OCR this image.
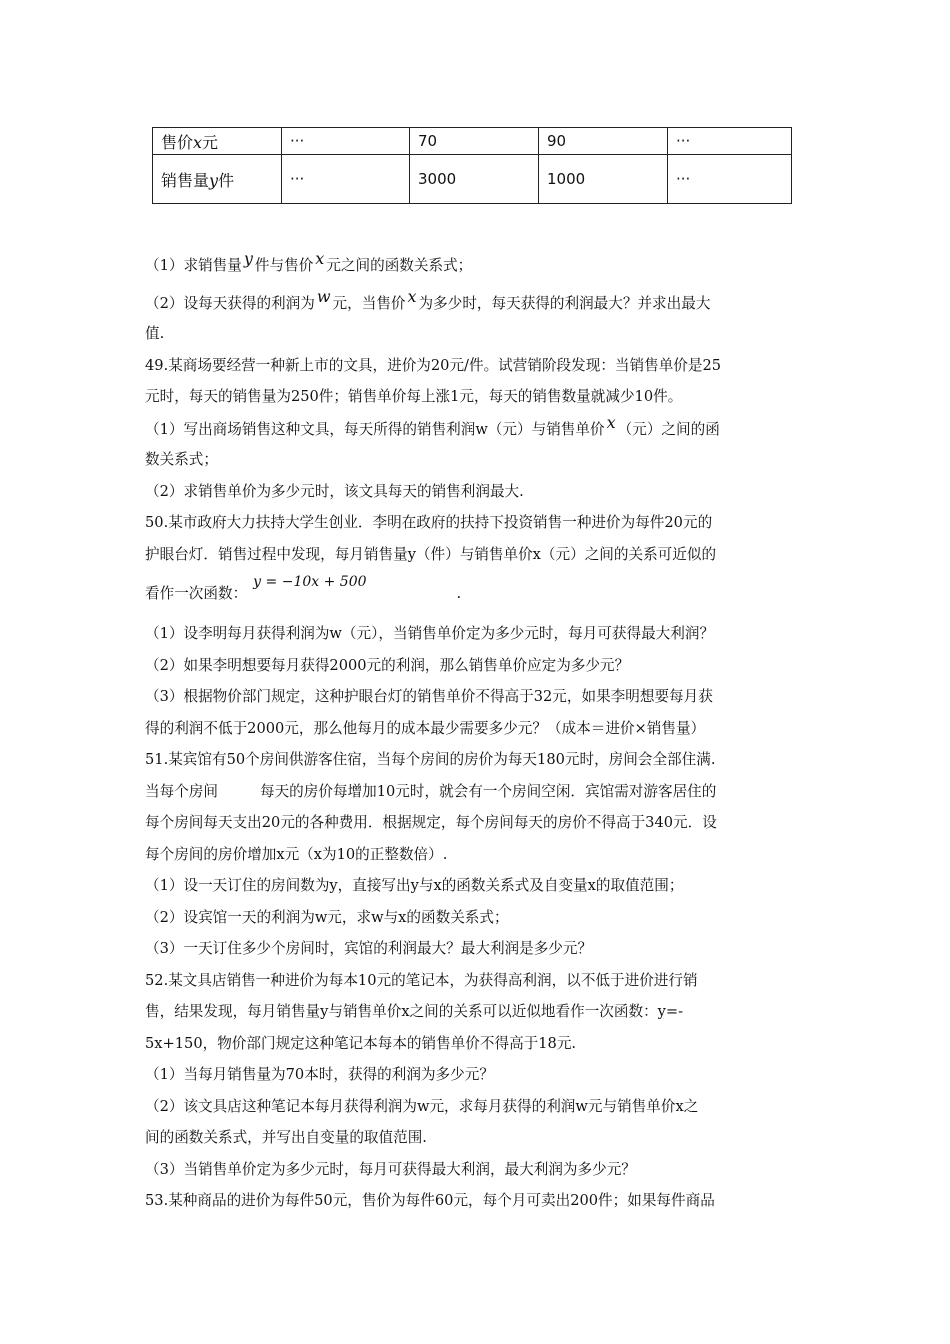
售价x元	···	70	90	···
销售量y件	···	3000	1000	···
（1）求销售量 y 件与售价 x 元之间的函数关系式；
（2）设每天获得的利润为 w 元，当售价 x 为多少时，每天获得的利润最大？并求出最大
值.
49.某商场要经营一种新上市的文具，进价为20元/件。试营销阶段发现：当销售单价是25
元时，每天的销售量为250件；销售单价每上涨1元，每天的销售数量就减少10件。
（1）写出商场销售这种文具，每天所得的销售利润w（元）与销售单价 x （元）之间的函
数关系式；
（2）求销售单价为多少元时，该文具每天的销售利润最大.
50.某市政府大力扶持大学生创业．李明在政府的扶持下投资销售一种进价为每件20元的
护眼台灯．销售过程中发现，每月销售量y（件）与销售单价x（元）之间的关系可近似的
看作一次函数：y = −10x + 500.
（1）设李明每月获得利润为w（元），当销售单价定为多少元时，每月可获得最大利润？
（2）如果李明想要每月获得2000元的利润，那么销售单价应定为多少元？
（3）根据物价部门规定，这种护眼台灯的销售单价不得高于32元，如果李明想要每月获
得的利润不低于2000元，那么他每月的成本最少需要多少元？（成本＝进价×销售量）
51.某宾馆有50个房间供游客住宿，当每个房间的房价为每天180元时，房间会全部住满.
当每个房间	每天的房价每增加10元时，就会有一个房间空闲．宾馆需对游客居住的
每个房间每天支出20元的各种费用．根据规定，每个房间每天的房价不得高于340元．设
每个房间的房价增加x元（x为10的正整数倍）.
（1）设一天订住的房间数为y，直接写出y与x的函数关系式及自变量x的取值范围；
（2）设宾馆一天的利润为w元，求w与x的函数关系式；
（3）一天订住多少个房间时，宾馆的利润最大？最大利润是多少元？
52.某文具店销售一种进价为每本10元的笔记本，为获得高利润，以不低于进价进行销
售，结果发现，每月销售量y与销售单价x之间的关系可以近似地看作一次函数：y=-
5x+150，物价部门规定这种笔记本每本的销售单价不得高于18元.
（1）当每月销售量为70本时，获得的利润为多少元？
（2）该文具店这种笔记本每月获得利润为w元，求每月获得的利润w元与销售单价x之
间的函数关系式，并写出自变量的取值范围.
（3）当销售单价定为多少元时，每月可获得最大利润，最大利润为多少元？
53.某种商品的进价为每件50元，售价为每件60元，每个月可卖出200件；如果每件商品
